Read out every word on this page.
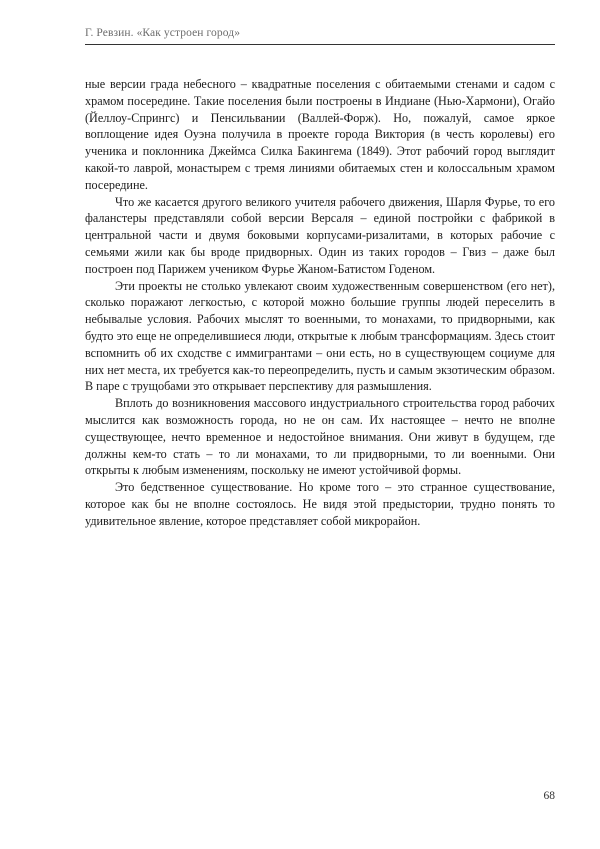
Г. Ревзин. «Как устроен город»

ные версии града небесного – квадратные поселения с обитаемыми стенами и садом с храмом посередине. Такие поселения были построены в Индиане (Нью-Хармони), Огайо (Йеллоу-Спрингс) и Пенсильвании (Валлей-Форж). Но, пожалуй, самое яркое воплощение идея Оуэна получила в проекте города Виктория (в честь королевы) его ученика и поклонника Джеймса Силка Бакингема (1849). Этот рабочий город выглядит какой-то лаврой, монастырем с тремя линиями обитаемых стен и колоссальным храмом посередине.

Что же касается другого великого учителя рабочего движения, Шарля Фурье, то его фаланстеры представляли собой версии Версаля – единой постройки с фабрикой в центральной части и двумя боковыми корпусами-ризалитами, в которых рабочие с семьями жили как бы вроде придворных. Один из таких городов – Гвиз – даже был построен под Парижем учеником Фурье Жаном-Батистом Годеном.

Эти проекты не столько увлекают своим художественным совершенством (его нет), сколько поражают легкостью, с которой можно большие группы людей переселить в небывалые условия. Рабочих мыслят то военными, то монахами, то придворными, как будто это еще не определившиеся люди, открытые к любым трансформациям. Здесь стоит вспомнить об их сходстве с иммигрантами – они есть, но в существующем социуме для них нет места, их требуется как-то переопределить, пусть и самым экзотическим образом. В паре с трущобами это открывает перспективу для размышления.

Вплоть до возникновения массового индустриального строительства город рабочих мыслится как возможность города, но не он сам. Их настоящее – нечто не вполне существующее, нечто временное и недостойное внимания. Они живут в будущем, где должны кем-то стать – то ли монахами, то ли придворными, то ли военными. Они открыты к любым изменениям, поскольку не имеют устойчивой формы.

Это бедственное существование. Но кроме того – это странное существование, которое как бы не вполне состоялось. Не видя этой предыстории, трудно понять то удивительное явление, которое представляет собой микрорайон.

68
